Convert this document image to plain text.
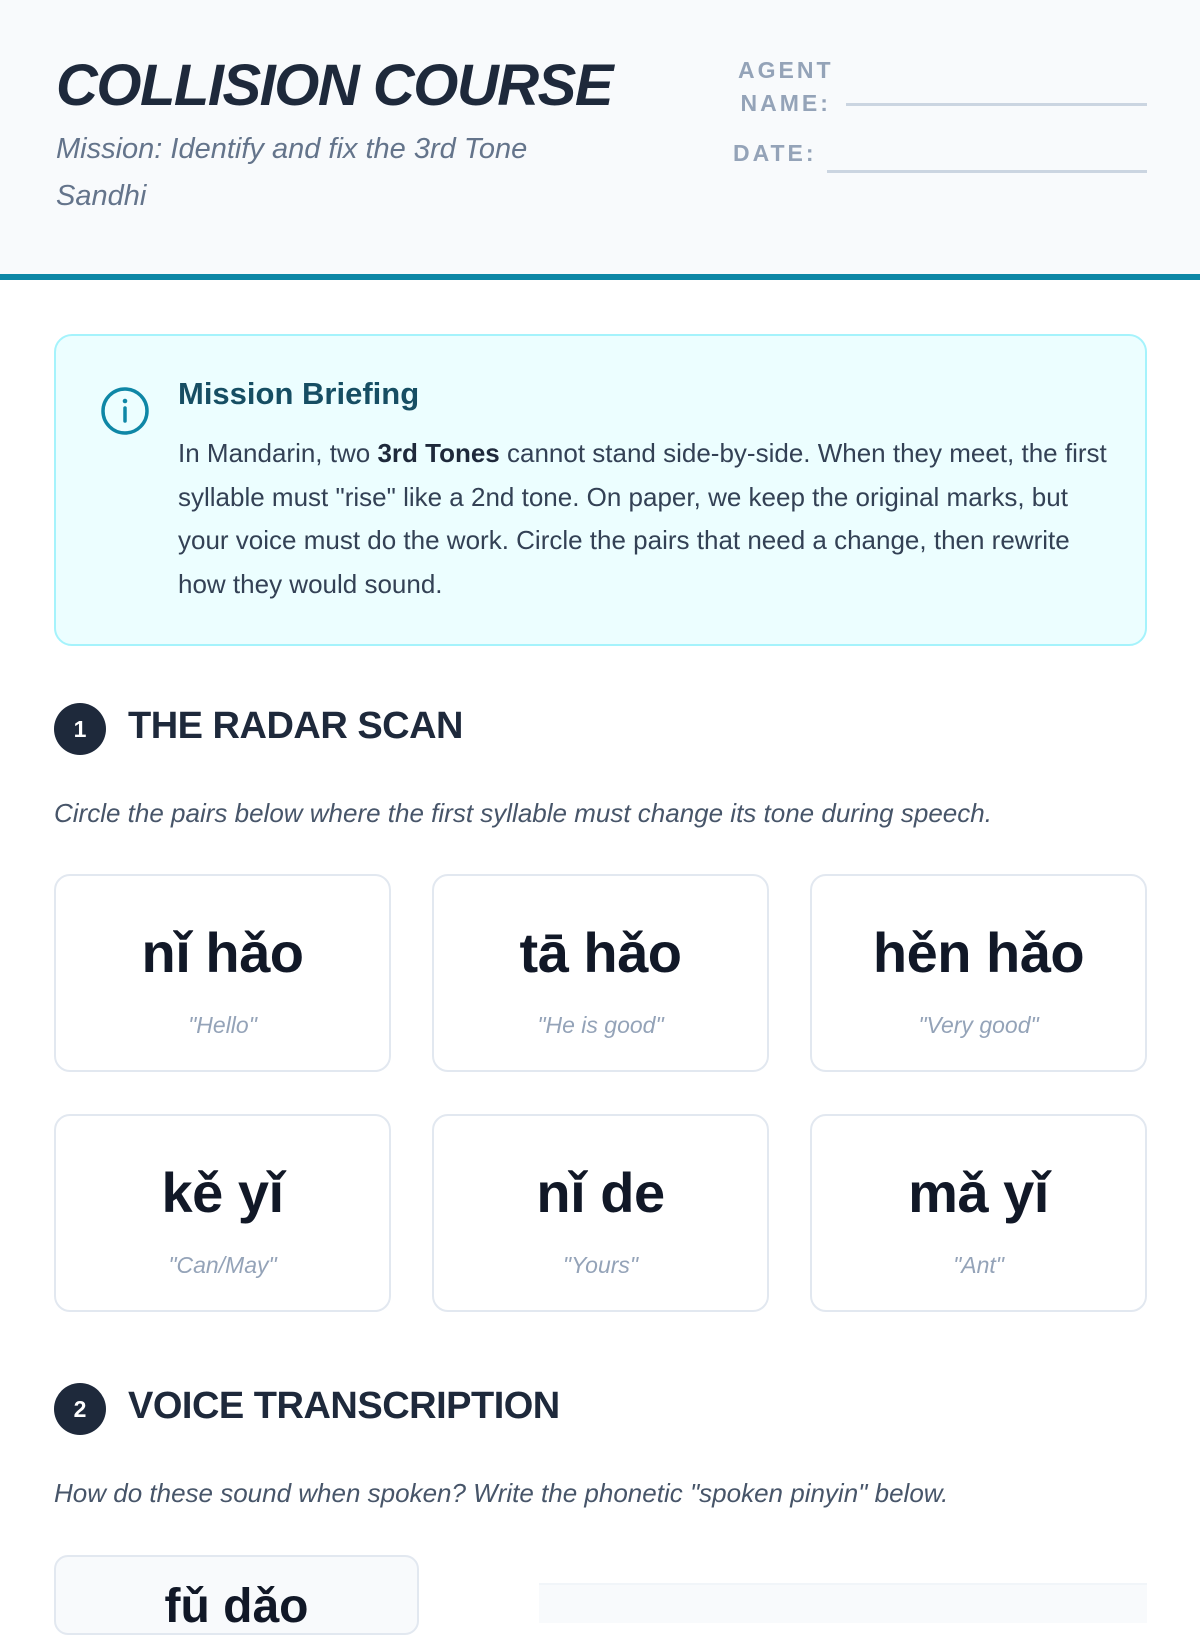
COLLISION COURSE
Mission: Identify and fix the 3rd Tone Sandhi
AGENT
NAME:
DATE:
Mission Briefing
In Mandarin, two 3rd Tones cannot stand side-by-side. When they meet, the first syllable must "rise" like a 2nd tone. On paper, we keep the original marks, but your voice must do the work. Circle the pairs that need a change, then rewrite how they would sound.
1	THE RADAR SCAN
Circle the pairs below where the first syllable must change its tone during speech.
nǐ hǎo
"Hello"
tā hǎo
"He is good"
hěn hǎo
"Very good"
kě yǐ
"Can/May"
nǐ de
"Yours"
mǎ yǐ
"Ant"
2	VOICE TRANSCRIPTION
How do these sound when spoken? Write the phonetic "spoken pinyin" below.
fǔ dǎo
